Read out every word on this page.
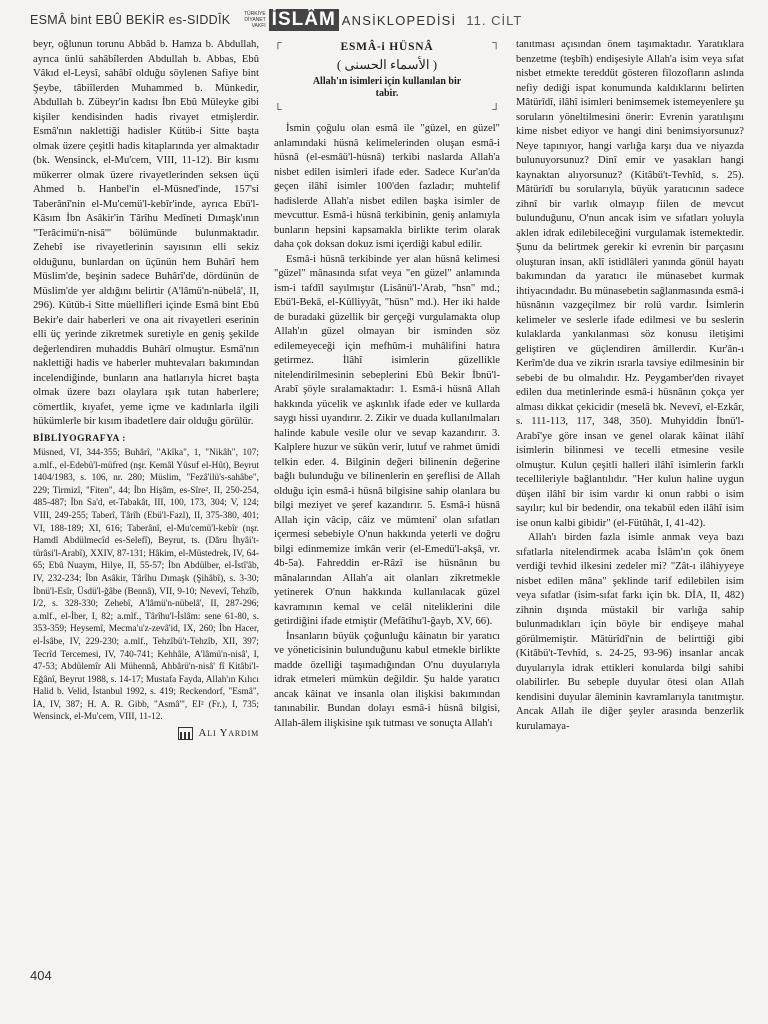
ESMÂ bint EBÛ BEKİR es-SIDDÎK	TÜRKİYE
DİYANET
VAKFI İSLÂM ANSİKLOPEDİSİ 11. CİLT

beyr, oğlunun torunu Abbâd b. Hamza b. Abdullah, ayrıca ünlü sahâbîlerden Abdullah b. Abbas, Ebû Vâkıd el-Leysî, sahâbî olduğu söylenen Safiye bint Şeybe, tâbiîlerden Muhammed b. Münkedir, Abdullah b. Zübeyr'in kadısı İbn Ebû Müleyke gibi kişiler kendisinden hadis rivayet etmişlerdir. Esmâ'nın naklettiği hadisler Kütüb-i Sitte başta olmak üzere çeşitli hadis kitaplarında yer almaktadır (bk. Wensinck, el-Mu'cem, VIII, 11-12). Bir kısmı mükerrer olmak üzere rivayetlerinden seksen üçü Ahmed b. Hanbel'in el-Müsned'inde, 157'si Taberânî'nin el-Mu'cemü'l-kebîr'inde, ayrıca Ebü'l-Kâsım İbn Asâkir'in Târîhu Medîneti Dımaşk'ının "Terâcimü'n-nisâ'" bölümünde bulunmaktadır. Zehebî ise rivayetlerinin sayısının elli sekiz olduğunu, bunlardan on üçünün hem Buhârî hem Müslim'de, beşinin sadece Buhârî'de, dördünün de Müslim'de yer aldığını belirtir (A'lâmü'n-nübelâ', II, 296). Kütüb-i Sitte müellifleri içinde Esmâ bint Ebû Bekir'e dair haberleri ve ona ait rivayetleri eserinin elli üç yerinde zikretmek suretiyle en geniş şekilde değerlendiren muhaddis Buhârî olmuştur. Esmâ'nın naklettiği hadis ve haberler muhtevaları bakımından incelendiğinde, bunların ana hatlarıyla hicret başta olmak üzere bazı olaylara ışık tutan haberlere; cömertlik, kıyafet, yeme içme ve kadınlarla ilgili hükümlerle bir kısım ibadetlere dair olduğu görülür.

BİBLİYOGRAFYA :
Müsned, VI, 344-355; Buhârî, "Akîka", 1, "Nikâh", 107; a.mlf., el-Edebü'l-müfred (nşr. Kemâl Yûsuf el-Hût), Beyrut 1404/1983, s. 106, nr. 280; Müslim, "Fezâ'ilü's-sahâbe", 229; Tirmizî, "Fiten", 44; İbn Hişâm, es-Sîre², II, 250-254, 485-487; İbn Sa'd, et-Tabakât, III, 100, 173, 304; V, 124; VIII, 249-255; Taberî, Târîh (Ebü'l-Fazl), II, 375-380, 401; VI, 188-189; XI, 616; Taberânî, el-Mu'cemü'l-kebîr (nşr. Hamdî Abdülmecîd es-Selefî), Beyrut, ts. (Dâru İhyâi't-türâsi'l-Arabî), XXIV, 87-131; Hâkim, el-Müstedrek, IV, 64-65; Ebû Nuaym, Hilye, II, 55-57; İbn Abdülber, el-İstî'âb, IV, 232-234; İbn Asâkir, Târîhu Dımaşk (Şihâbî), s. 3-30; İbnü'l-Esîr, Üsdü'l-ğâbe (Bennâ), VII, 9-10; Nevevî, Tehzîb, I/2, s. 328-330; Zehebî, A'lâmü'n-nübelâ', II, 287-296; a.mlf., el-İber, I, 82; a.mlf., Târîhu'l-İslâm: sene 61-80, s. 353-359; Heysemî, Mecma'u'z-zevâ'id, IX, 260; İbn Hacer, el-İsâbe, IV, 229-230; a.mlf., Tehzîbü't-Tehzîb, XII, 397; Tecrîd Tercemesi, IV, 740-741; Kehhâle, A'lâmü'n-nisâ', I, 47-53; Abdülemîr Ali Mühennâ, Ahbârü'n-nisâ' fî Kitâbi'l-Eğânî, Beyrut 1988, s. 14-17; Mustafa Fayda, Allah'ın Kılıcı Halid b. Velid, İstanbul 1992, s. 419; Reckendorf, "Esmâ", İA, IV, 387; H. A. R. Gibb, "Asmâ'", EI² (Fr.), I, 735; Wensinck, el-Mu'cem, VIII, 11-12.
Ali Yardım
┌	┐
└	┘
ESMÂ-i HÜSNÂ
( الأسماء الحسنى )
Allah'ın isimleri için kullanılan bir tabir.

İsmin çoğulu olan esmâ ile "güzel, en güzel" anlamındaki hüsnâ kelimelerinden oluşan esmâ-i hüsnâ (el-esmâü'l-hüsnâ) terkibi naslarda Allah'a nisbet edilen isimleri ifade eder. Sadece Kur'an'da geçen ilâhî isimler 100'den fazladır; muhtelif hadislerde Allah'a nisbet edilen başka isimler de mevcuttur. Esmâ-i hüsnâ terkibinin, geniş anlamıyla bunların hepsini kapsamakla birlikte terim olarak daha çok doksan dokuz ismi içerdiği kabul edilir.

Esmâ-i hüsnâ terkibinde yer alan hüsnâ kelimesi "güzel" mânasında sıfat veya "en güzel" anlamında ism-i tafdîl sayılmıştır (Lisânü'l-'Arab, "hsn" md.; Ebü'l-Bekā, el-Külliyyât, "hüsn" md.). Her iki halde de buradaki güzellik bir gerçeği vurgulamakta olup Allah'ın güzel olmayan bir isminden söz edilemeyeceği için mefhûm-i muhâlifini hatıra getirmez. İlâhî isimlerin güzellikle nitelendirilmesinin sebeplerini Ebû Bekir İbnü'l-Arabî şöyle sıralamaktadır: 1. Esmâ-i hüsnâ Allah hakkında yücelik ve aşkınlık ifade eder ve kullarda saygı hissi uyandırır. 2. Zikir ve duada kullanılmaları halinde kabule vesile olur ve sevap kazandırır. 3. Kalplere huzur ve sükûn verir, lutuf ve rahmet ümidi telkin eder. 4. Bilginin değeri bilinenin değerine bağlı bulunduğu ve bilinenlerin en şereflisi de Allah olduğu için esmâ-i hüsnâ bilgisine sahip olanlara bu bilgi meziyet ve şeref kazandırır. 5. Esmâ-i hüsnâ Allah için vâcip, câiz ve mümteni' olan sıfatları içermesi sebebiyle O'nun hakkında yeterli ve doğru bilgi edinmemize imkân verir (el-Emedü'l-akşâ, vr. 4b-5a). Fahreddin er-Râzî ise hüsnânın bu mânalarından Allah'a ait olanları zikretmekle yetinerek O'nun hakkında kullanılacak güzel kavramının kemal ve celâl niteliklerini dile getirdiğini ifade etmiştir (Mefâtîhu'l-ğayb, XV, 66).

İnsanların büyük çoğunluğu kâinatın bir yaratıcı ve yöneticisinin bulunduğunu kabul etmekle birlikte madde özelliği taşımadığından O'nu duyularıyla idrak etmeleri mümkün değildir. Şu halde yaratıcı ancak kâinat ve insanla olan ilişkisi bakımından tanınabilir. Bundan dolayı esmâ-i hüsnâ bilgisi, Allah-âlem ilişkisine ışık tutması ve sonuçta Allah'ı

tanıtması açısından önem taşımaktadır. Yaratıklara benzetme (teşbîh) endişesiyle Allah'a isim veya sıfat nisbet etmekte tereddüt gösteren filozofların aslında nefiy dediği ispat konumunda kaldıklarını belirten Mâtürîdî, ilâhî isimleri benimsemek istemeyenlere şu soruların yöneltilmesini önerir: Evrenin yaratılışını kime nisbet ediyor ve hangi dini benimsiyorsunuz? Neye tapınıyor, hangi varlığa karşı dua ve niyazda bulunuyorsunuz? Dinî emir ve yasakları hangi kaynaktan alıyorsunuz? (Kitâbü't-Tevhîd, s. 25). Mâtürîdî bu sorularıyla, büyük yaratıcının sadece zihnî bir varlık olmayıp fiilen de mevcut bulunduğunu, O'nun ancak isim ve sıfatları yoluyla aklen idrak edilebileceğini vurgulamak istemektedir. Şunu da belirtmek gerekir ki evrenin bir parçasını oluşturan insan, aklî istidlâleri yanında gönül hayatı bakımından da yaratıcı ile münasebet kurmak ihtiyacındadır. Bu münasebetin sağlanmasında esmâ-i hüsnânın vazgeçilmez bir rolü vardır. İsimlerin kelimeler ve seslerle ifade edilmesi ve bu seslerin kulaklarda yankılanması söz konusu iletişimi geliştiren ve güçlendiren âmillerdir. Kur'ân-ı Kerîm'de dua ve zikrin ısrarla tavsiye edilmesinin bir sebebi de bu olmalıdır. Hz. Peygamber'den rivayet edilen dua metinlerinde esmâ-i hüsnânın çokça yer alması dikkat çekicidir (meselâ bk. Nevevî, el-Ezkâr, s. 111-113, 117, 348, 350). Muhyiddin İbnü'l-Arabî'ye göre insan ve genel olarak kâinat ilâhî isimlerin bilinmesi ve tecelli etmesine vesile olmuştur. Kulun çeşitli halleri ilâhî isimlerin farklı tecellileriyle bağlantılıdır. "Her kulun haline uygun düşen ilâhî bir isim vardır ki onun rabbi o isim sayılır; kul bir bedendir, ona tekabül eden ilâhî isim ise onun kalbi gibidir" (el-Fütûhât, I, 41-42).

Allah'ı birden fazla isimle anmak veya bazı sıfatlarla nitelendirmek acaba İslâm'ın çok önem verdiği tevhid ilkesini zedeler mi? "Zât-ı ilâhiyyeye nisbet edilen mâna" şeklinde tarif edilebilen isim veya sıfatlar (isim-sıfat farkı için bk. DİA, II, 482) zihnin dışında müstakil bir varlığa sahip bulunmadıkları için böyle bir endişeye mahal görülmemiştir. Mâtürîdî'nin de belirttiği gibi (Kitâbü't-Tevhîd, s. 24-25, 93-96) insanlar ancak duyularıyla idrak ettikleri konularda bilgi sahibi olabilirler. Bu sebeple duyular ötesi olan Allah kendisini duyular âleminin kavramlarıyla tanıtmıştır. Ancak Allah ile diğer şeyler arasında benzerlik kurulamaya-

404
